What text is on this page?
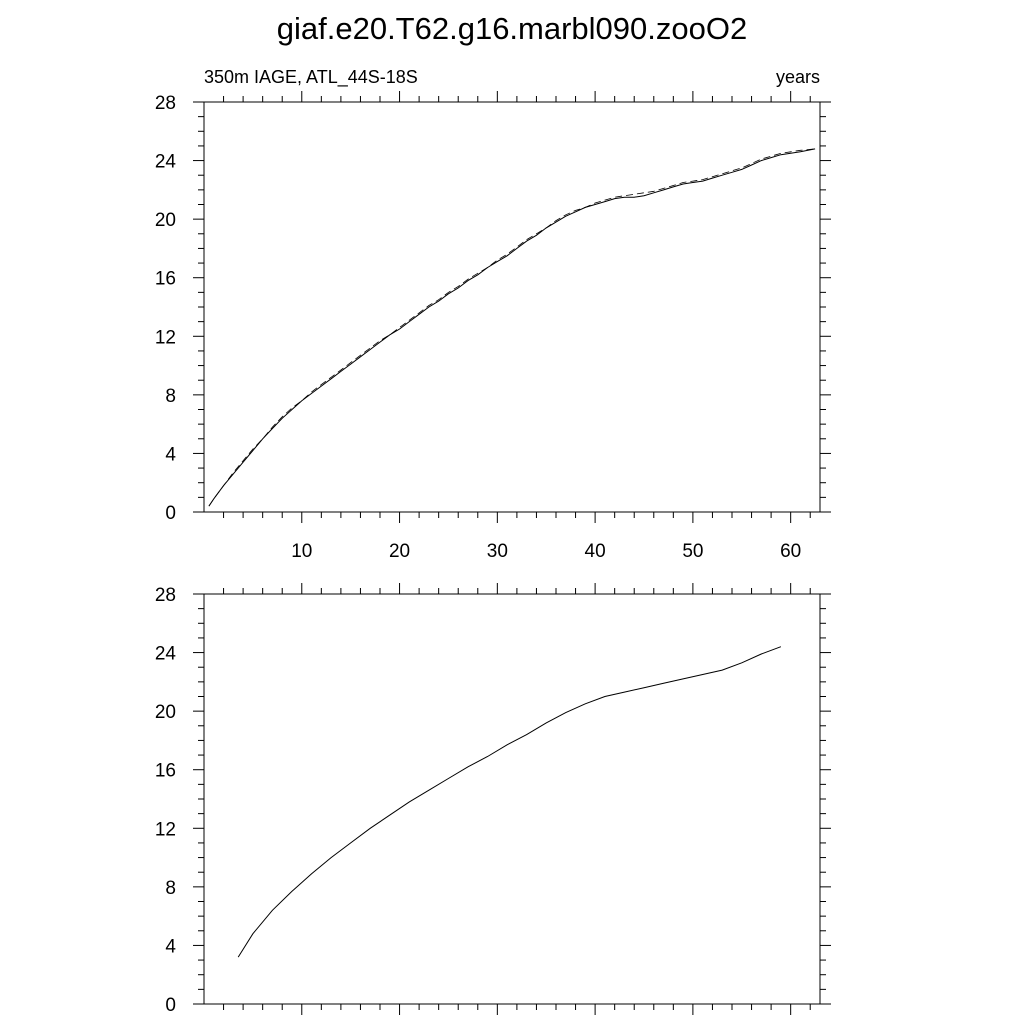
giaf.e20.T62.g16.marbl090.zooO2
350m IAGE, ATL_44S-18S	years
0
4
8
12
16
20
24
28
10	20	30	40	50	60
0
4
8
12
16
20
24
28
